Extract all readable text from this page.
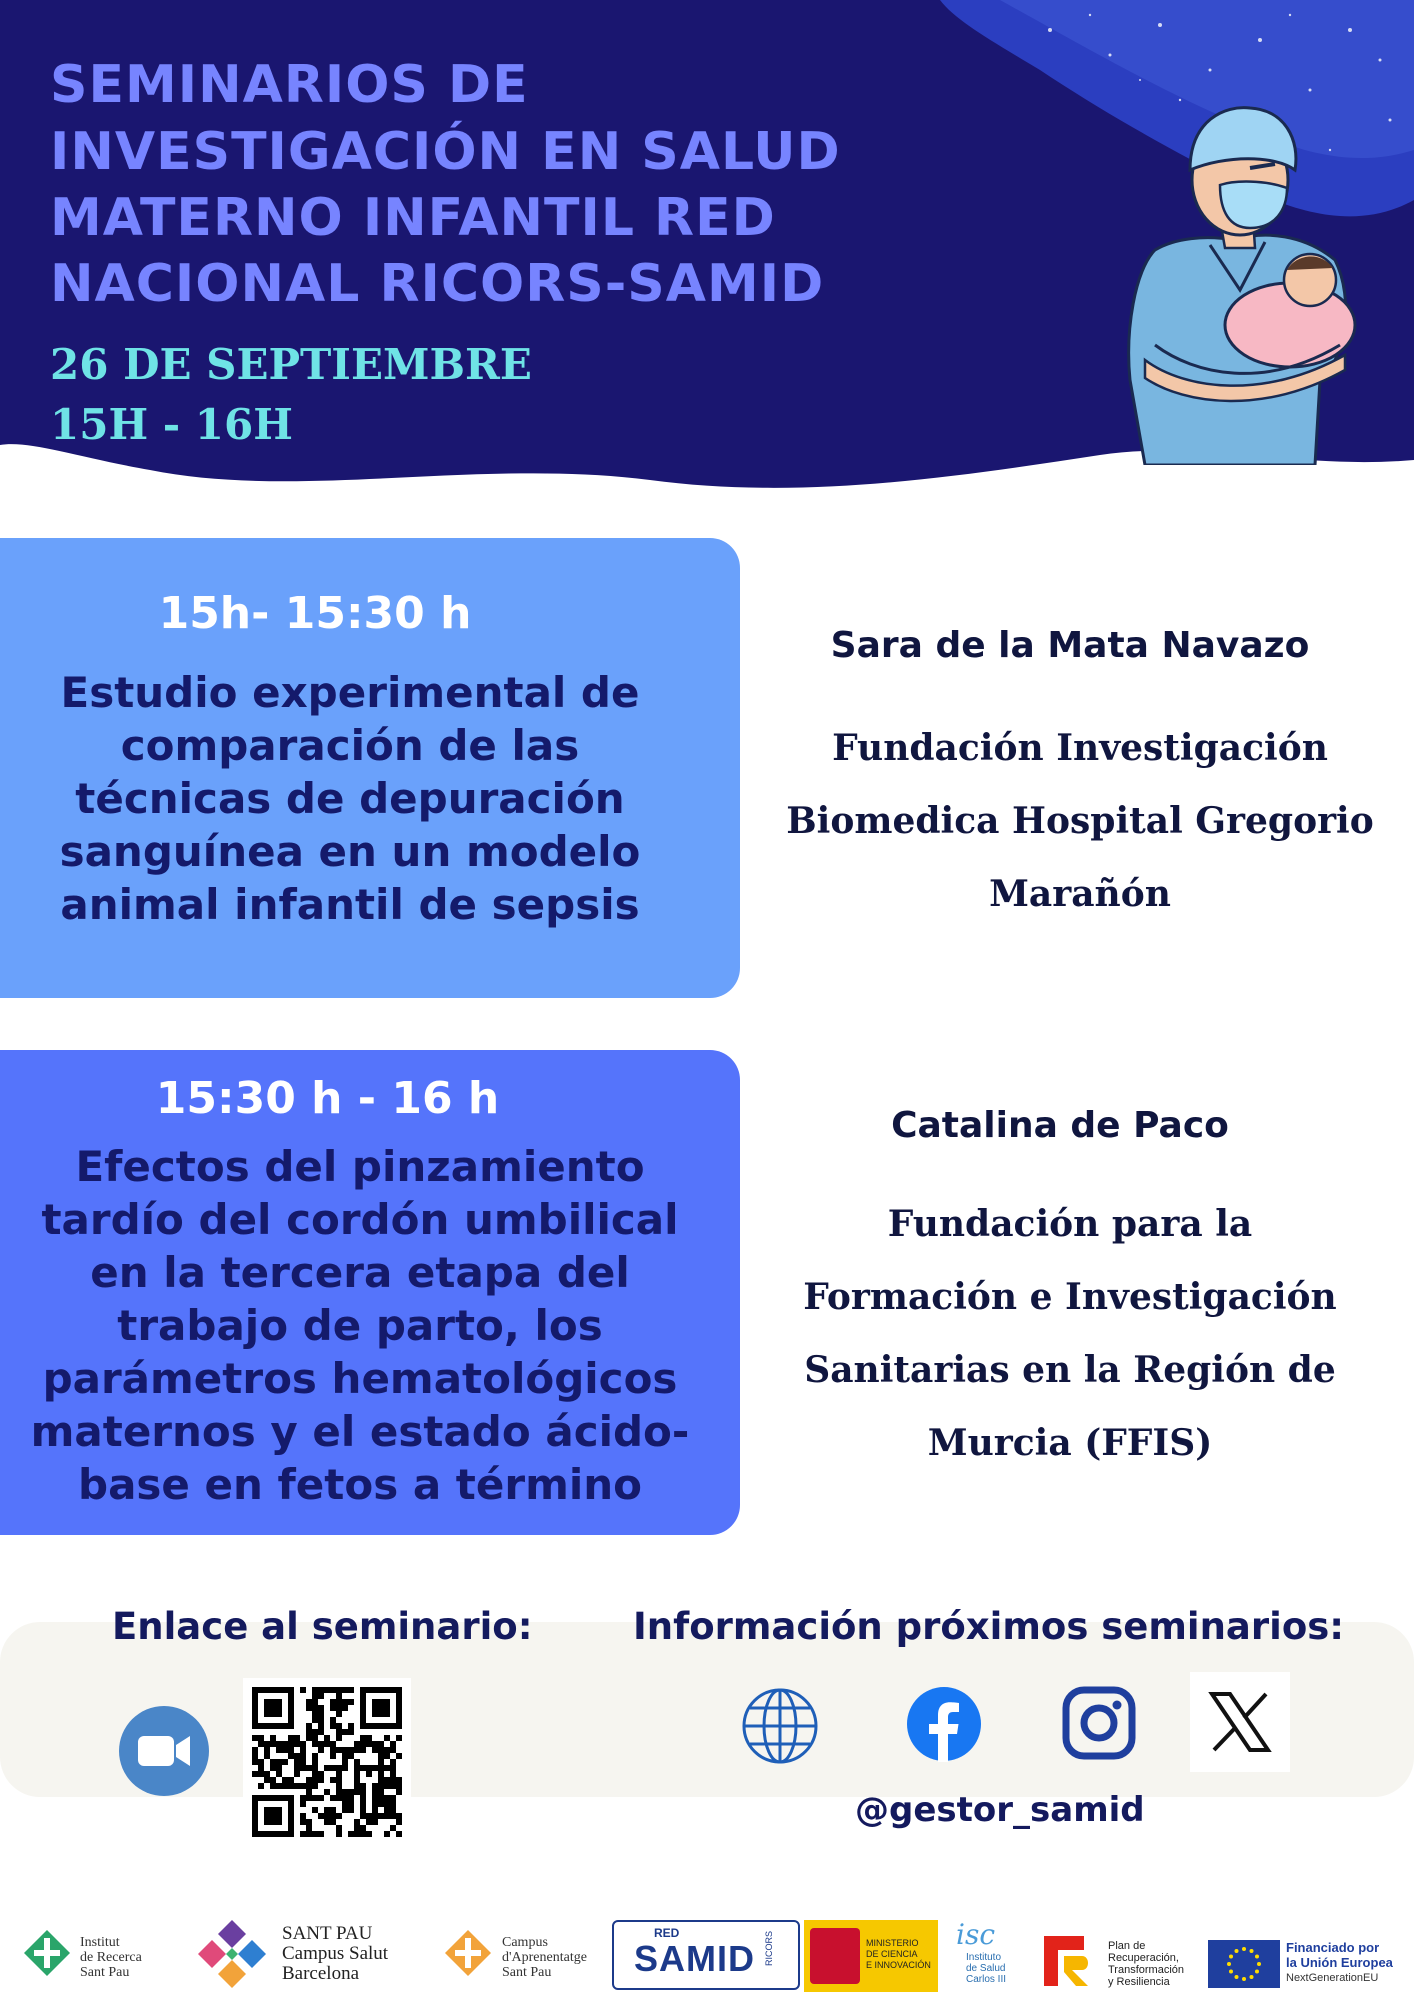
SEMINARIOS DE
INVESTIGACIÓN EN SALUD
MATERNO INFANTIL RED
NACIONAL RICORS-SAMID
26 DE SEPTIEMBRE
15H - 16H
15h- 15:30 h
Estudio experimental de
comparación de las
técnicas de depuración
sanguínea en un modelo
animal infantil de sepsis
Sara de la Mata Navazo
Fundación Investigación
Biomedica Hospital Gregorio
Marañón
15:30 h - 16 h
Efectos del pinzamiento
tardío del cordón umbilical
en la tercera etapa del
trabajo de parto, los
parámetros hematológicos
maternos y el estado ácido-
base en fetos a término
Catalina de Paco
Fundación para la
Formación e Investigación
Sanitarias en la Región de
Murcia (FFIS)
Enlace al seminario:	Información próximos seminarios:
@gestor_samid
Institut
de Recerca
Sant Pau
SANT PAU
Campus Salut
Barcelona
Campus
d'Aprenentatge
Sant Pau
RED
SAMID RICORS	MINISTERIO
DE CIENCIA
E INNOVACIÓN
isc
Instituto
de Salud
Carlos III
Plan de
Recuperación,
Transformación
y Resiliencia
Financiado por
la Unión Europea
NextGenerationEU
